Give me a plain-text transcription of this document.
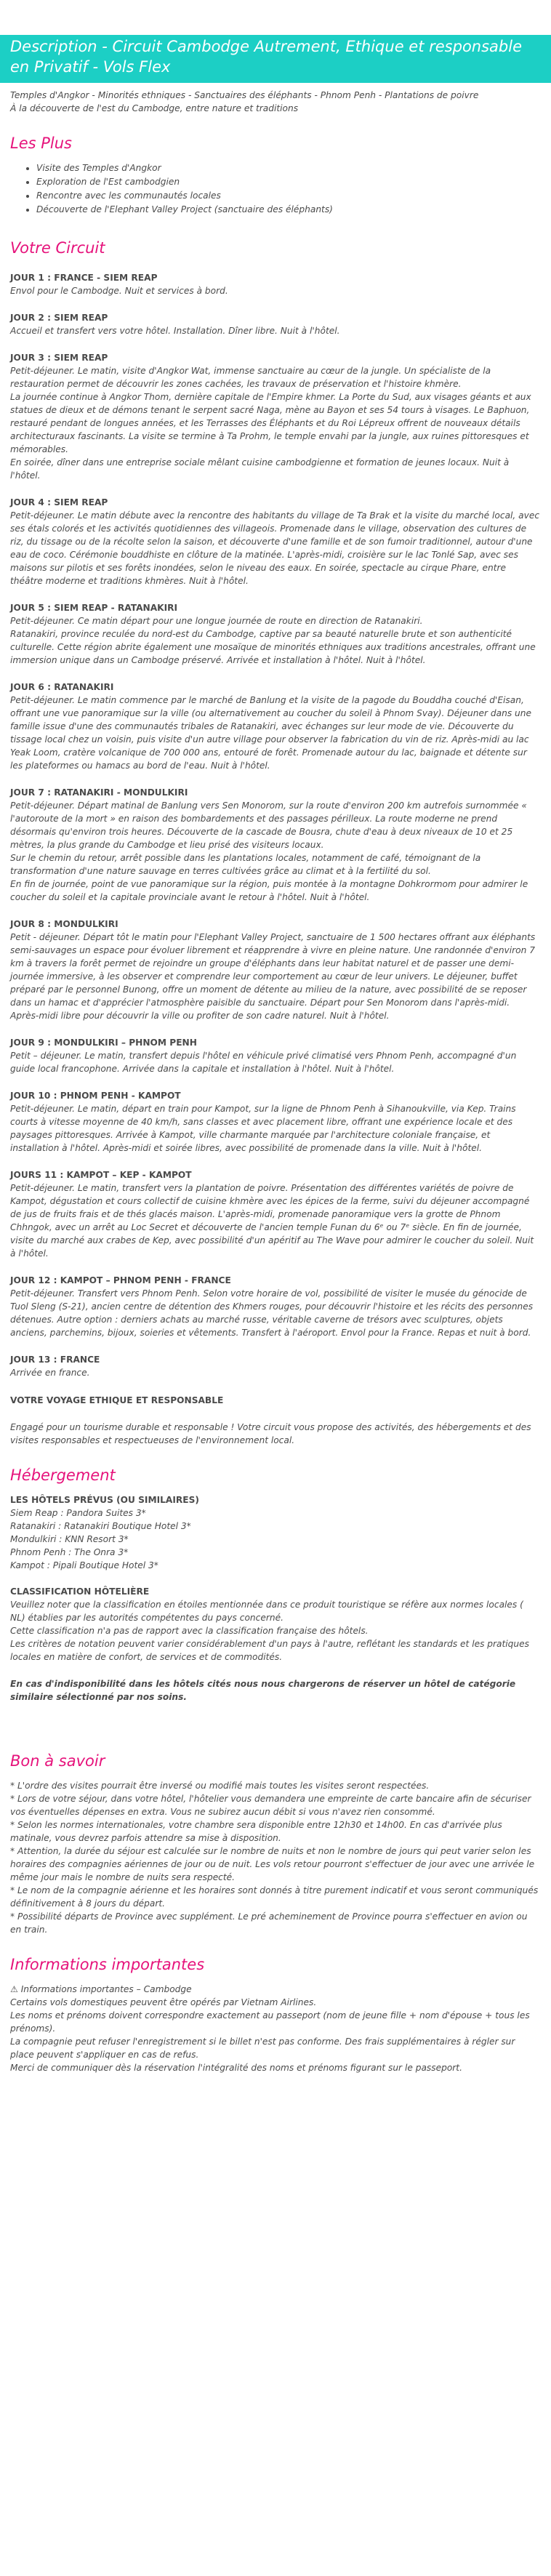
Description - Circuit Cambodge Autrement, Ethique et responsable en Privatif - Vols Flex
Temples d'Angkor - Minorités ethniques - Sanctuaires des éléphants - Phnom Penh - Plantations de poivre
À la découverte de l'est du Cambodge, entre nature et traditions
Les Plus
• Visite des Temples d'Angkor
• Exploration de l'Est cambodgien
• Rencontre avec les communautés locales
• Découverte de l'Elephant Valley Project (sanctuaire des éléphants)
Votre Circuit
JOUR 1 : FRANCE - SIEM REAP
Envol pour le Cambodge. Nuit et services à bord.
JOUR 2 : SIEM REAP
Accueil et transfert vers votre hôtel. Installation. Dîner libre. Nuit à l'hôtel.
JOUR 3 : SIEM REAP
Petit-déjeuner. Le matin, visite d'Angkor Wat, immense sanctuaire au cœur de la jungle. Un spécialiste de la restauration permet de découvrir les zones cachées, les travaux de préservation et l'histoire khmère.
La journée continue à Angkor Thom, dernière capitale de l'Empire khmer. La Porte du Sud, aux visages géants et aux statues de dieux et de démons tenant le serpent sacré Naga, mène au Bayon et ses 54 tours à visages. Le Baphuon, restauré pendant de longues années, et les Terrasses des Éléphants et du Roi Lépreux offrent de nouveaux détails architecturaux fascinants. La visite se termine à Ta Prohm, le temple envahi par la jungle, aux ruines pittoresques et mémorables.
En soirée, dîner dans une entreprise sociale mêlant cuisine cambodgienne et formation de jeunes locaux. Nuit à l'hôtel.
JOUR 4 : SIEM REAP
Petit-déjeuner. Le matin débute avec la rencontre des habitants du village de Ta Brak et la visite du marché local, avec ses étals colorés et les activités quotidiennes des villageois. Promenade dans le village, observation des cultures de riz, du tissage ou de la récolte selon la saison, et découverte d'une famille et de son fumoir traditionnel, autour d'une eau de coco. Cérémonie bouddhiste en clôture de la matinée. L'après-midi, croisière sur le lac Tonlé Sap, avec ses maisons sur pilotis et ses forêts inondées, selon le niveau des eaux. En soirée, spectacle au cirque Phare, entre théâtre moderne et traditions khmères. Nuit à l'hôtel.
JOUR 5 : SIEM REAP - RATANAKIRI
Petit-déjeuner. Ce matin départ pour une longue journée de route en direction de Ratanakiri.
Ratanakiri, province reculée du nord-est du Cambodge, captive par sa beauté naturelle brute et son authenticité culturelle. Cette région abrite également une mosaïque de minorités ethniques aux traditions ancestrales, offrant une immersion unique dans un Cambodge préservé. Arrivée et installation à l'hôtel. Nuit à l'hôtel.
JOUR 6 : RATANAKIRI
Petit-déjeuner. Le matin commence par le marché de Banlung et la visite de la pagode du Bouddha couché d'Eisan, offrant une vue panoramique sur la ville (ou alternativement au coucher du soleil à Phnom Svay). Déjeuner dans une famille issue d'une des communautés tribales de Ratanakiri, avec échanges sur leur mode de vie. Découverte du tissage local chez un voisin, puis visite d'un autre village pour observer la fabrication du vin de riz. Après-midi au lac Yeak Loom, cratère volcanique de 700 000 ans, entouré de forêt. Promenade autour du lac, baignade et détente sur les plateformes ou hamacs au bord de l'eau. Nuit à l'hôtel.
JOUR 7 : RATANAKIRI - MONDULKIRI
Petit-déjeuner. Départ matinal de Banlung vers Sen Monorom, sur la route d'environ 200 km autrefois surnommée « l'autoroute de la mort » en raison des bombardements et des passages périlleux. La route moderne ne prend désormais qu'environ trois heures. Découverte de la cascade de Bousra, chute d'eau à deux niveaux de 10 et 25 mètres, la plus grande du Cambodge et lieu prisé des visiteurs locaux.
Sur le chemin du retour, arrêt possible dans les plantations locales, notamment de café, témoignant de la transformation d'une nature sauvage en terres cultivées grâce au climat et à la fertilité du sol.
En fin de journée, point de vue panoramique sur la région, puis montée à la montagne Dohkrormom pour admirer le coucher du soleil et la capitale provinciale avant le retour à l'hôtel. Nuit à l'hôtel.
JOUR 8 : MONDULKIRI
Petit - déjeuner. Départ tôt le matin pour l'Elephant Valley Project, sanctuaire de 1 500 hectares offrant aux éléphants semi-sauvages un espace pour évoluer librement et réapprendre à vivre en pleine nature. Une randonnée d'environ 7 km à travers la forêt permet de rejoindre un groupe d'éléphants dans leur habitat naturel et de passer une demi-journée immersive, à les observer et comprendre leur comportement au cœur de leur univers. Le déjeuner, buffet préparé par le personnel Bunong, offre un moment de détente au milieu de la nature, avec possibilité de se reposer dans un hamac et d'apprécier l'atmosphère paisible du sanctuaire. Départ pour Sen Monorom dans l'après-midi. Après-midi libre pour découvrir la ville ou profiter de son cadre naturel. Nuit à l'hôtel.
JOUR 9 : MONDULKIRI – PHNOM PENH
Petit – déjeuner. Le matin, transfert depuis l'hôtel en véhicule privé climatisé vers Phnom Penh, accompagné d'un guide local francophone. Arrivée dans la capitale et installation à l'hôtel. Nuit à l'hôtel.
JOUR 10 : PHNOM PENH - KAMPOT
Petit-déjeuner. Le matin, départ en train pour Kampot, sur la ligne de Phnom Penh à Sihanoukville, via Kep. Trains courts à vitesse moyenne de 40 km/h, sans classes et avec placement libre, offrant une expérience locale et des paysages pittoresques. Arrivée à Kampot, ville charmante marquée par l'architecture coloniale française, et installation à l'hôtel. Après-midi et soirée libres, avec possibilité de promenade dans la ville. Nuit à l'hôtel.
JOURS 11 : KAMPOT – KEP - KAMPOT
Petit-déjeuner. Le matin, transfert vers la plantation de poivre. Présentation des différentes variétés de poivre de Kampot, dégustation et cours collectif de cuisine khmère avec les épices de la ferme, suivi du déjeuner accompagné de jus de fruits frais et de thés glacés maison. L'après-midi, promenade panoramique vers la grotte de Phnom Chhngok, avec un arrêt au Loc Secret et découverte de l'ancien temple Funan du 6ᵉ ou 7ᵉ siècle. En fin de journée, visite du marché aux crabes de Kep, avec possibilité d'un apéritif au The Wave pour admirer le coucher du soleil. Nuit à l'hôtel.
JOUR 12 : KAMPOT – PHNOM PENH - FRANCE
Petit-déjeuner. Transfert vers Phnom Penh. Selon votre horaire de vol, possibilité de visiter le musée du génocide de Tuol Sleng (S-21), ancien centre de détention des Khmers rouges, pour découvrir l'histoire et les récits des personnes détenues. Autre option : derniers achats au marché russe, véritable caverne de trésors avec sculptures, objets anciens, parchemins, bijoux, soieries et vêtements. Transfert à l'aéroport. Envol pour la France. Repas et nuit à bord.
JOUR 13 : FRANCE
Arrivée en france.
VOTRE VOYAGE ETHIQUE ET RESPONSABLE

Engagé pour un tourisme durable et responsable ! Votre circuit vous propose des activités, des hébergements et des visites responsables et respectueuses de l'environnement local.

Hébergement
LES HÔTELS PRÉVUS (OU SIMILAIRES)
Siem Reap : Pandora Suites 3*
Ratanakiri : Ratanakiri Boutique Hotel 3*
Mondulkiri : KNN Resort 3*
Phnom Penh : The Onra 3*
Kampot : Pipali Boutique Hotel 3*
CLASSIFICATION HÔTELIÈRE
Veuillez noter que la classification en étoiles mentionnée dans ce produit touristique se réfère aux normes locales ( NL) établies par les autorités compétentes du pays concerné.
Cette classification n'a pas de rapport avec la classification française des hôtels.
Les critères de notation peuvent varier considérablement d'un pays à l'autre, reflétant les standards et les pratiques locales en matière de confort, de services et de commodités.

En cas d'indisponibilité dans les hôtels cités nous nous chargerons de réserver un hôtel de catégorie similaire sélectionné par nos soins.

Bon à savoir
* L'ordre des visites pourrait être inversé ou modifié mais toutes les visites seront respectées.
* Lors de votre séjour, dans votre hôtel, l'hôtelier vous demandera une empreinte de carte bancaire afin de sécuriser vos éventuelles dépenses en extra. Vous ne subirez aucun débit si vous n'avez rien consommé.
* Selon les normes internationales, votre chambre sera disponible entre 12h30 et 14h00. En cas d'arrivée plus matinale, vous devrez parfois attendre sa mise à disposition.
* Attention, la durée du séjour est calculée sur le nombre de nuits et non le nombre de jours qui peut varier selon les horaires des compagnies aériennes de jour ou de nuit. Les vols retour pourront s'effectuer de jour avec une arrivée le même jour mais le nombre de nuits sera respecté.
* Le nom de la compagnie aérienne et les horaires sont donnés à titre purement indicatif et vous seront communiqués définitivement à 8 jours du départ.
* Possibilité départs de Province avec supplément. Le pré acheminement de Province pourra s'effectuer en avion ou en train.
Informations importantes
⚠ Informations importantes – Cambodge
Certains vols domestiques peuvent être opérés par Vietnam Airlines.
Les noms et prénoms doivent correspondre exactement au passeport (nom de jeune fille + nom d'épouse + tous les prénoms).
La compagnie peut refuser l'enregistrement si le billet n'est pas conforme. Des frais supplémentaires à régler sur place peuvent s'appliquer en cas de refus.
Merci de communiquer dès la réservation l'intégralité des noms et prénoms figurant sur le passeport.
